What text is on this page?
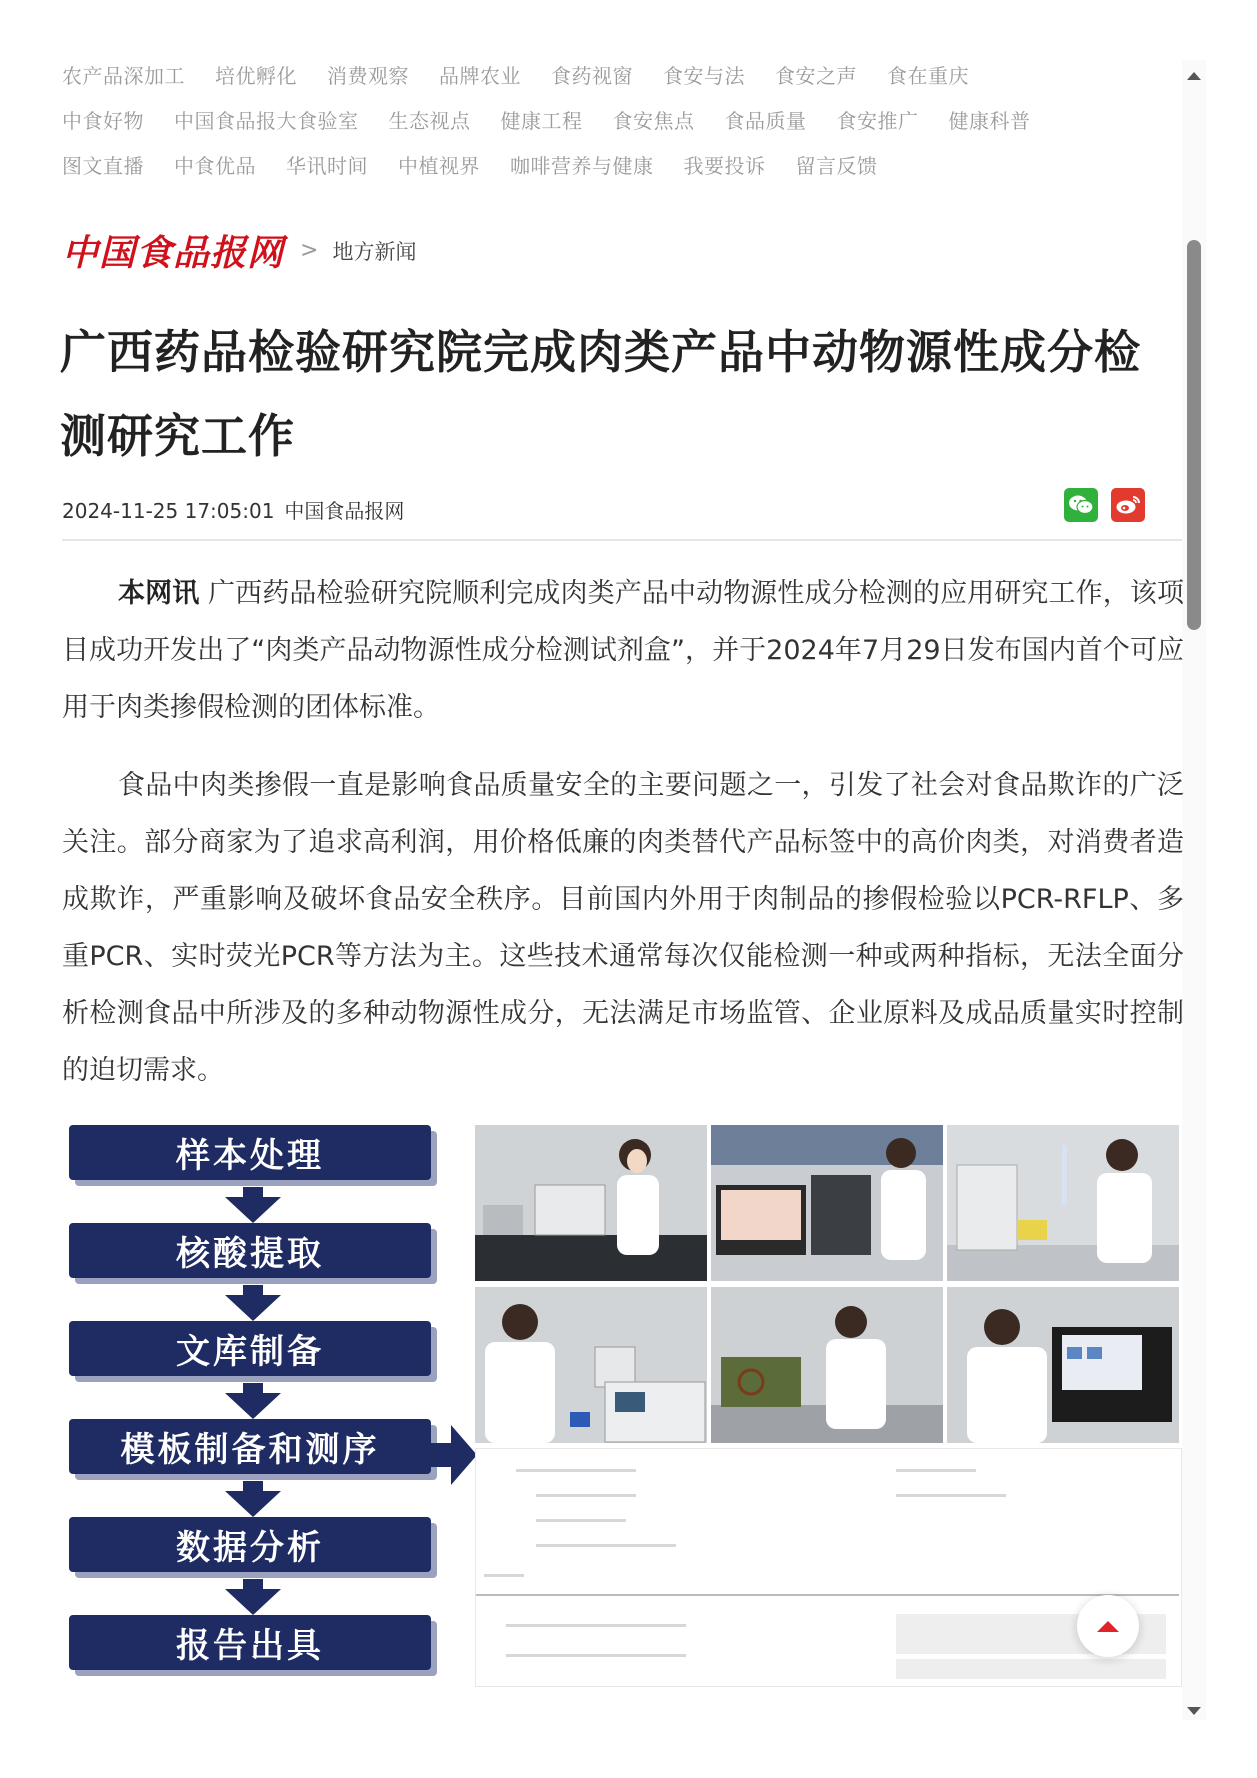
农产品深加工 培优孵化 消费观察 品牌农业 食药视窗 食安与法 食安之声 食在重庆
中食好物 中国食品报大食验室 生态视点 健康工程 食安焦点 食品质量 食安推广 健康科普
图文直播 中食优品 华讯时间 中植视界 咖啡营养与健康 我要投诉 留言反馈
中国食品报网 > 地方新闻
广西药品检验研究院完成肉类产品中动物源性成分检测研究工作
2024-11-25 17:05:01 中国食品报网

本网讯 广西药品检验研究院顺利完成肉类产品中动物源性成分检测的应用研究工作，该项目成功开发出了“肉类产品动物源性成分检测试剂盒”，并于2024年7月29日发布国内首个可应用于肉类掺假检测的团体标准。

食品中肉类掺假一直是影响食品质量安全的主要问题之一，引发了社会对食品欺诈的广泛关注。部分商家为了追求高利润，用价格低廉的肉类替代产品标签中的高价肉类，对消费者造成欺诈，严重影响及破坏食品安全秩序。目前国内外用于肉制品的掺假检验以PCR-RFLP、多重PCR、实时荧光PCR等方法为主。这些技术通常每次仅能检测一种或两种指标，无法全面分析检测食品中所涉及的多种动物源性成分，无法满足市场监管、企业原料及成品质量实时控制的迫切需求。

样本处理
核酸提取
文库制备
模板制备和测序
数据分析
报告出具
